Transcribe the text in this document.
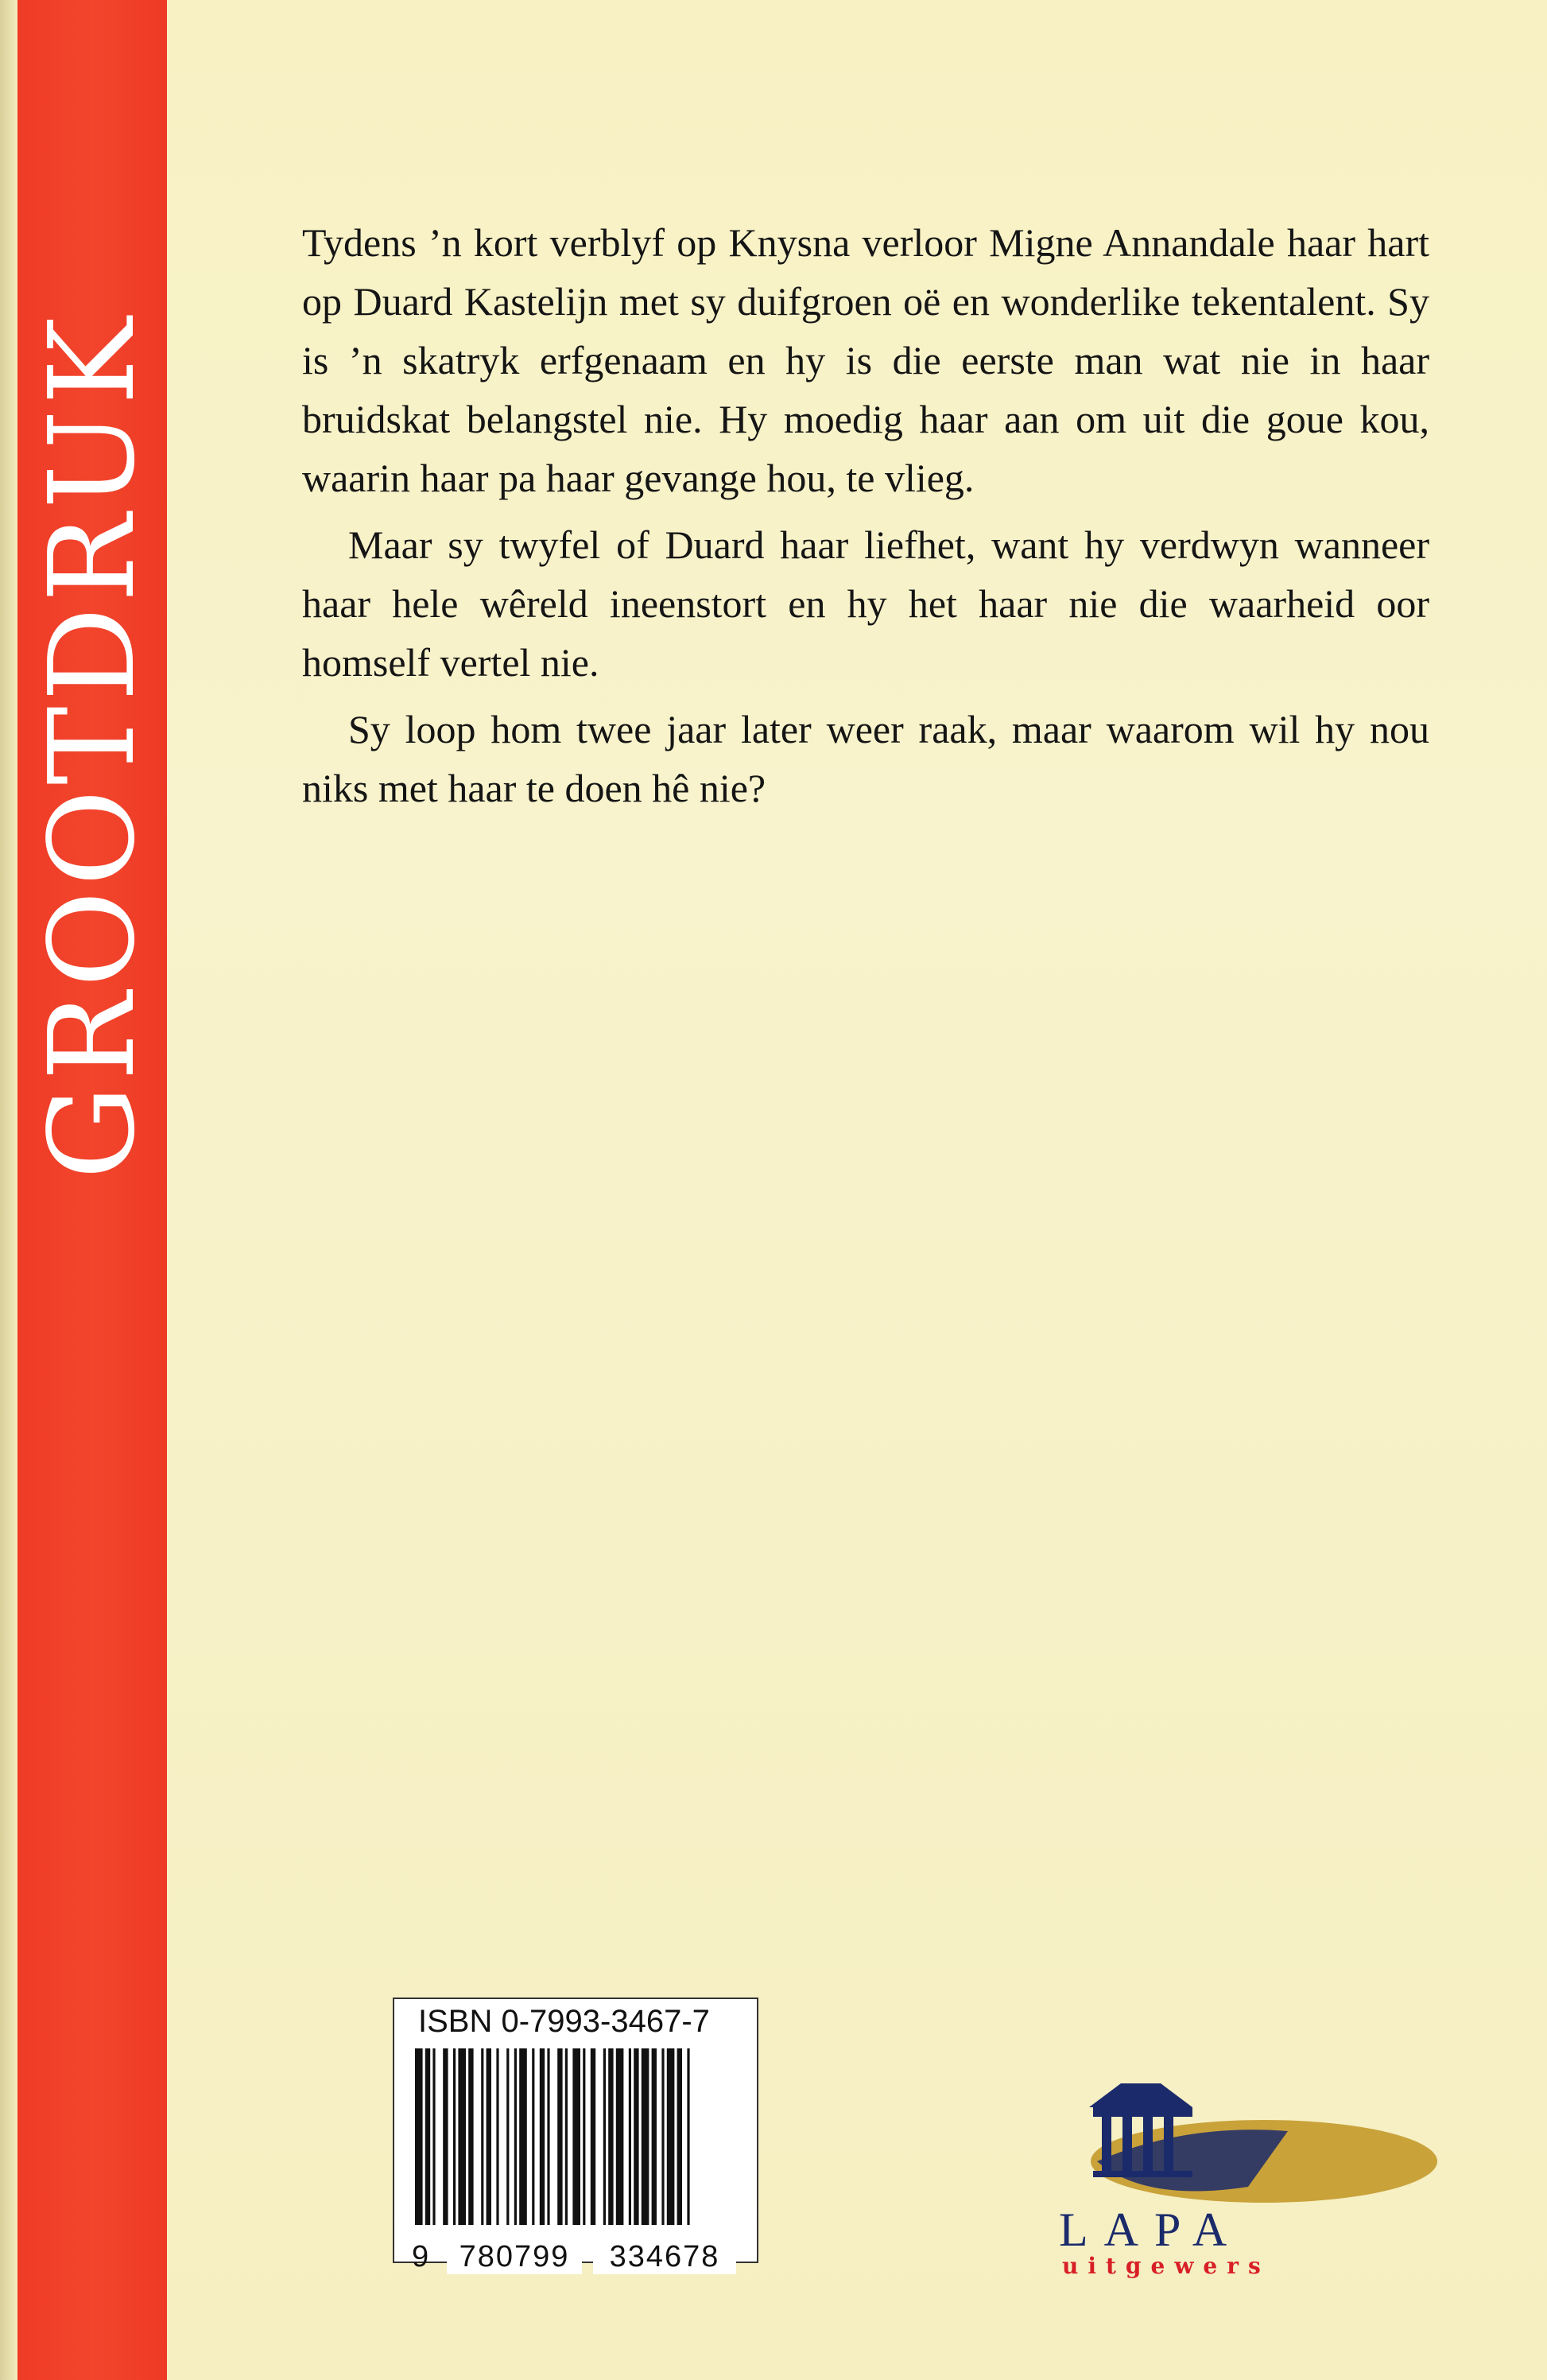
GROOTDRUK

Tydens ’n kort verblyf op Knysna verloor Migne Annandale haar hart op Duard Kastelijn met sy duifgroen oë en wonderlike tekentalent. Sy is ’n skatryk erfgenaam en hy is die eerste man wat nie in haar bruidskat belangstel nie. Hy moedig haar aan om uit die goue kou, waarin haar pa haar gevange hou, te vlieg.

Maar sy twyfel of Duard haar liefhet, want hy verdwyn wanneer haar hele wêreld ineenstort en hy het haar nie die waarheid oor homself vertel nie.

Sy loop hom twee jaar later weer raak, maar waarom wil hy nou niks met haar te doen hê nie?

ISBN 0-7993-3467-7
9	780799	334678
LAPA
uitgewers
